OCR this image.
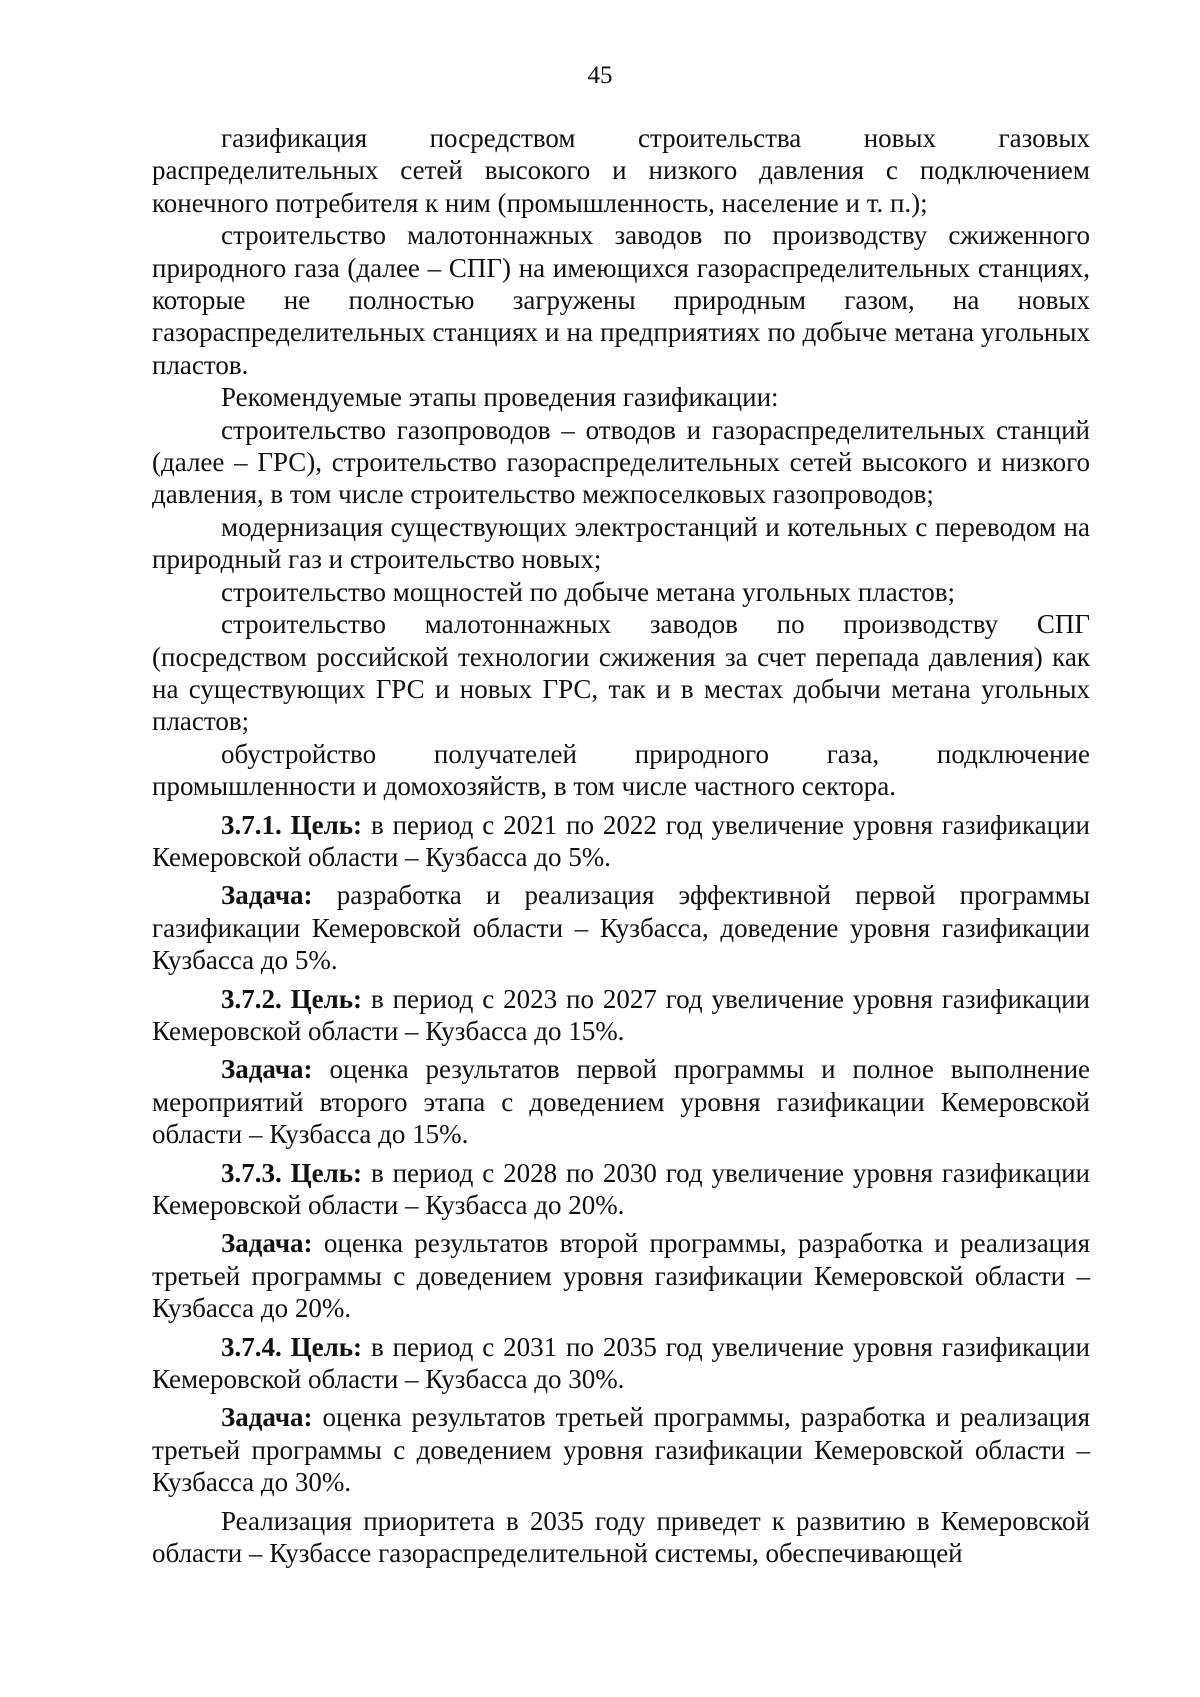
45

газификация посредством строительства новых газовых распределительных сетей высокого и низкого давления с подключением конечного потребителя к ним (промышленность, население и т. п.);

строительство малотоннажных заводов по производству сжиженного природного газа (далее – СПГ) на имеющихся газораспределительных станциях, которые не полностью загружены природным газом, на новых газораспределительных станциях и на предприятиях по добыче метана угольных пластов.

Рекомендуемые этапы проведения газификации:

строительство газопроводов – отводов и газораспределительных станций (далее – ГРС), строительство газораспределительных сетей высокого и низкого давления, в том числе строительство межпоселковых газопроводов;

модернизация существующих электростанций и котельных с переводом на природный газ и строительство новых;

строительство мощностей по добыче метана угольных пластов;

строительство малотоннажных заводов по производству СПГ (посредством российской технологии сжижения за счет перепада давления) как на существующих ГРС и новых ГРС, так и в местах добычи метана угольных пластов;

обустройство получателей природного газа, подключение промышленности и домохозяйств, в том числе частного сектора.

3.7.1. Цель: в период с 2021 по 2022 год увеличение уровня газификации Кемеровской области – Кузбасса до 5%.

Задача: разработка и реализация эффективной первой программы газификации Кемеровской области – Кузбасса, доведение уровня газификации Кузбасса до 5%.

3.7.2. Цель: в период с 2023 по 2027 год увеличение уровня газификации Кемеровской области – Кузбасса до 15%.

Задача: оценка результатов первой программы и полное выполнение мероприятий второго этапа с доведением уровня газификации Кемеровской области – Кузбасса до 15%.

3.7.3. Цель: в период с 2028 по 2030 год увеличение уровня газификации Кемеровской области – Кузбасса до 20%.

Задача: оценка результатов второй программы, разработка и реализация третьей программы с доведением уровня газификации Кемеровской области – Кузбасса до 20%.

3.7.4. Цель: в период с 2031 по 2035 год увеличение уровня газификации Кемеровской области – Кузбасса до 30%.

Задача: оценка результатов третьей программы, разработка и реализация третьей программы с доведением уровня газификации Кемеровской области – Кузбасса до 30%.

Реализация приоритета в 2035 году приведет к развитию в Кемеровской области – Кузбассе газораспределительной системы, обеспечивающей
